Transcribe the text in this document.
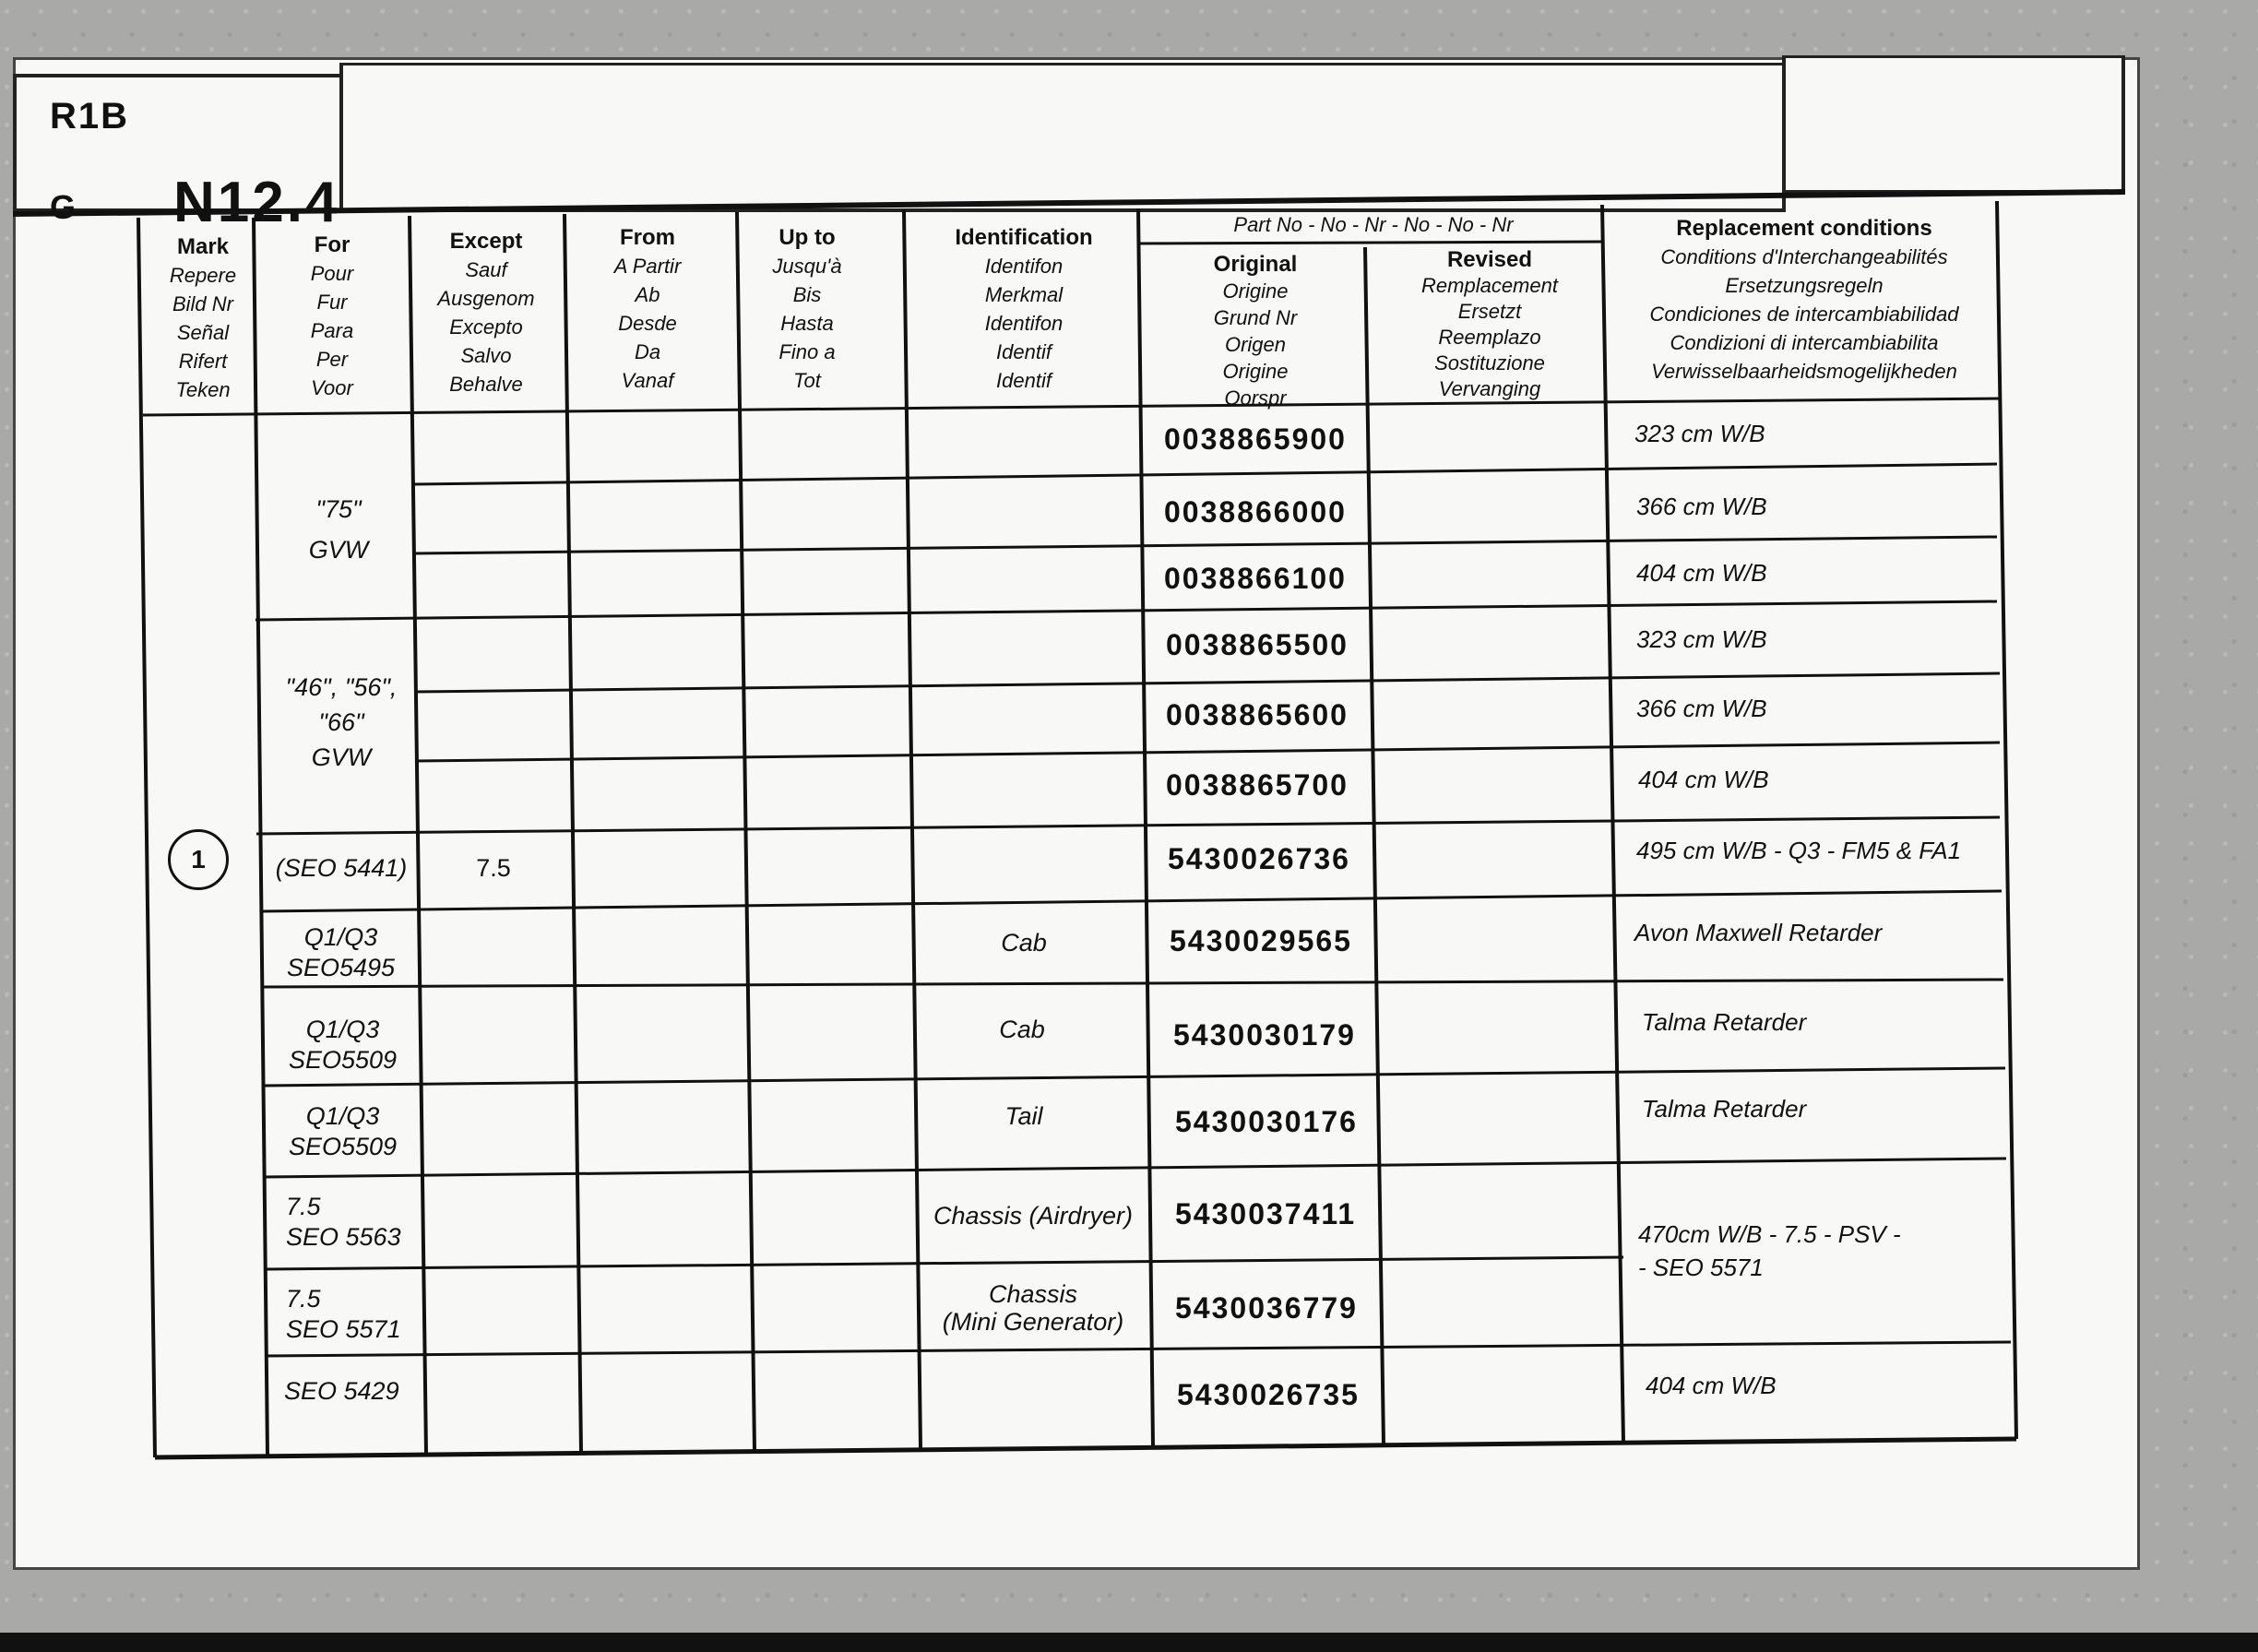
R1B
G N12.4
Mark
Repere
Bild Nr
Señal
Rifert
Teken
For
Pour
Fur
Para
Per
Voor
Except
Sauf
Ausgenom
Excepto
Salvo
Behalve
From
A Partir
Ab
Desde
Da
Vanaf
Up to
Jusqu'à
Bis
Hasta
Fino a
Tot
Identification
Identifon
Merkmal
Identifon
Identif
Identif
Part No - No - Nr - No - No - Nr
Original
Origine
Grund Nr
Origen
Origine
Oorspr
Revised
Remplacement
Ersetzt
Reemplazo
Sostituzione
Vervanging
Replacement conditions
Conditions d'Interchangeabilités
Ersetzungsregeln
Condiciones de intercambiabilidad
Condizioni di intercambiabilita
Verwisselbaarheidsmogelijkheden
1
"75"
GVW
"46", "56",
"66"
GVW
0038865900
0038866000
0038866100
0038865500
0038865600
0038865700
5430026736
5430029565
5430030179
5430030176
5430037411
5430036779
5430026735
323 cm W/B
366 cm W/B
404 cm W/B
323 cm W/B
366 cm W/B
404 cm W/B
495 cm W/B - Q3 - FM5 & FA1
Avon Maxwell Retarder
Talma Retarder
Talma Retarder
470cm W/B - 7.5 - PSV -
- SEO 5571
404 cm W/B
(SEO 5441)
Q1/Q3
SEO5495
Q1/Q3
SEO5509
Q1/Q3
SEO5509
7.5
SEO 5563
7.5
SEO 5571
SEO 5429
7.5
Cab
Cab
Tail
Chassis (Airdryer)
Chassis
(Mini Generator)
